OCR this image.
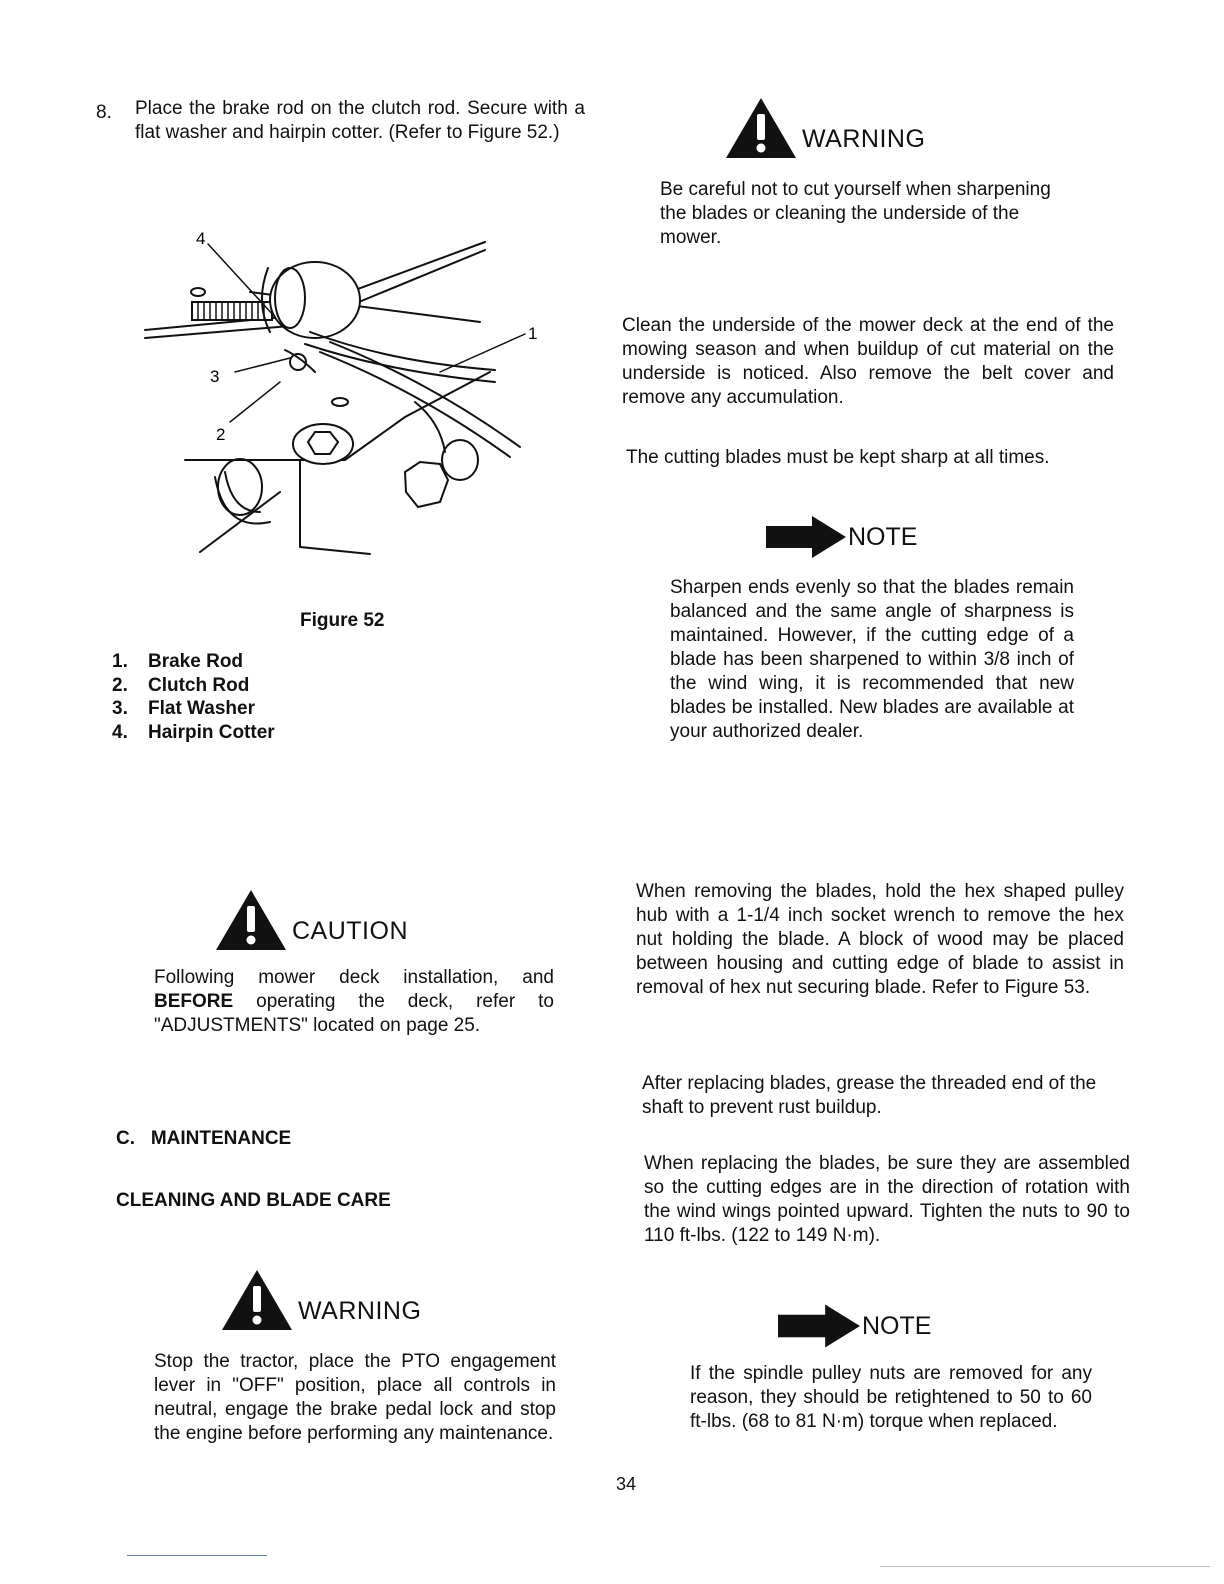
8. Place the brake rod on the clutch rod. Secure with a flat washer and hairpin cotter. (Refer to Figure 52.)
4
3
2
1
Figure 52
1.	Brake Rod
2.	Clutch Rod
3.	Flat Washer
4.	Hairpin Cotter
CAUTION
Following mower deck installation, and BEFORE operating the deck, refer to "ADJUSTMENTS" located on page 25.
C. MAINTENANCE
CLEANING AND BLADE CARE
WARNING
Stop the tractor, place the PTO engagement lever in "OFF" position, place all controls in neutral, engage the brake pedal lock and stop the engine before performing any maintenance.
WARNING
Be careful not to cut yourself when sharpening the blades or cleaning the underside of the mower.
Clean the underside of the mower deck at the end of the mowing season and when buildup of cut material on the underside is noticed. Also remove the belt cover and remove any accumulation.
The cutting blades must be kept sharp at all times.
NOTE
Sharpen ends evenly so that the blades remain balanced and the same angle of sharpness is maintained. However, if the cutting edge of a blade has been sharpened to within 3/8 inch of the wind wing, it is recommended that new blades be installed. New blades are available at your authorized dealer.
When removing the blades, hold the hex shaped pulley hub with a 1-1/4 inch socket wrench to remove the hex nut holding the blade. A block of wood may be placed between housing and cutting edge of blade to assist in removal of hex nut securing blade. Refer to Figure 53.
After replacing blades, grease the threaded end of the shaft to prevent rust buildup.
When replacing the blades, be sure they are assembled so the cutting edges are in the direction of rotation with the wind wings pointed upward. Tighten the nuts to 90 to 110 ft-lbs. (122 to 149 N·m).
NOTE
If the spindle pulley nuts are removed for any reason, they should be retightened to 50 to 60 ft-lbs. (68 to 81 N·m) torque when replaced.
34
